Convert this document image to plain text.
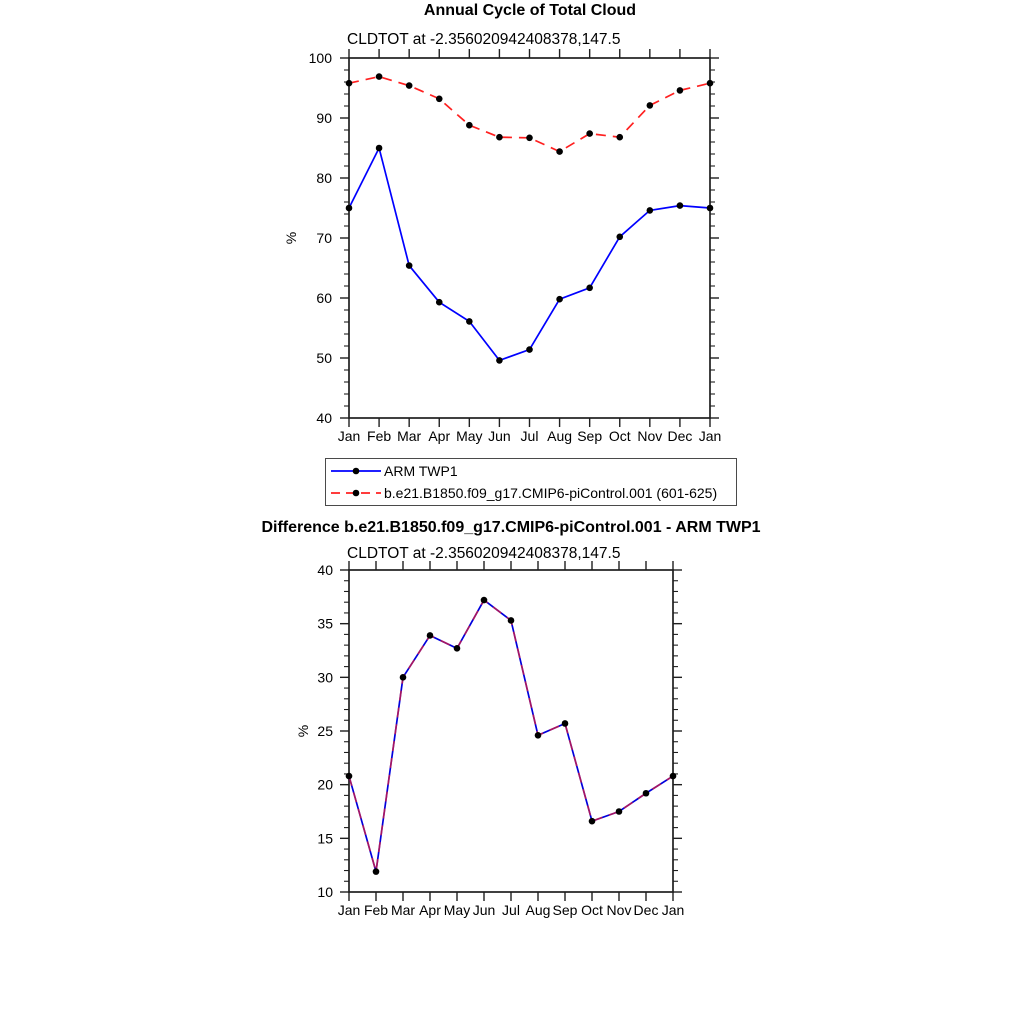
Annual Cycle of Total Cloud
CLDTOT at -2.356020942408378,147.5
Jan Feb Mar Apr May Jun Jul Aug Sep Oct Nov Dec Jan
40
50
60
70
80
90
100
%
Jan Feb Mar Apr May Jun Jul Aug Sep Oct Nov Dec Jan
10
15
20
25
30
35
40
%
ARM TWP1
b.e21.B1850.f09_g17.CMIP6-piControl.001 (601-625)
Difference b.e21.B1850.f09_g17.CMIP6-piControl.001 - ARM TWP1
CLDTOT at -2.356020942408378,147.5
